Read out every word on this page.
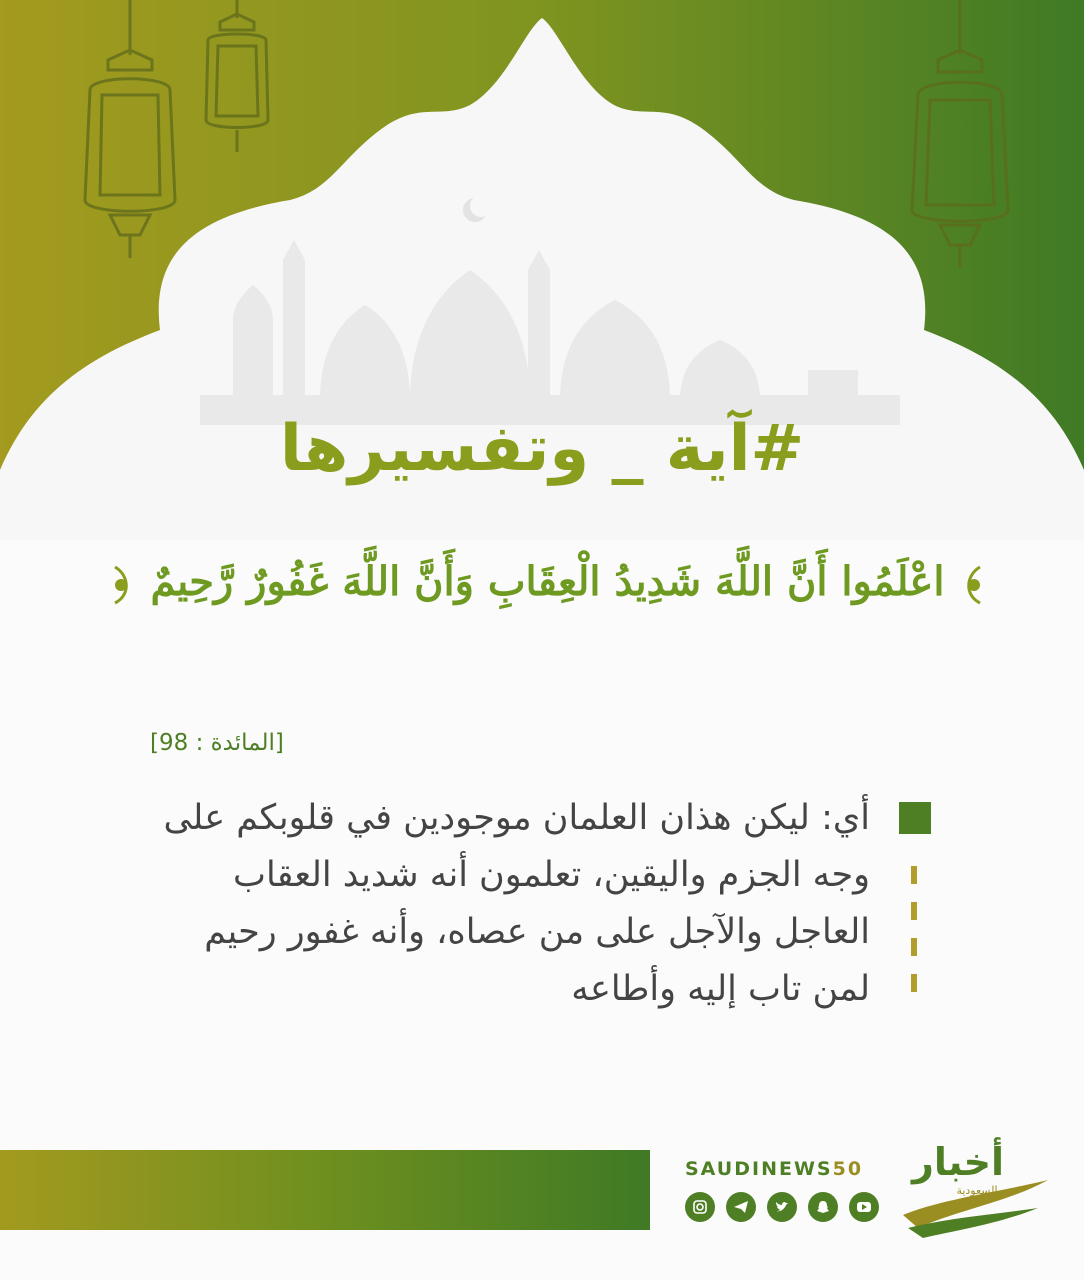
#آية _ وتفسيرها

اعْلَمُوا أَنَّ اللَّهَ شَدِيدُ الْعِقَابِ وَأَنَّ اللَّهَ غَفُورٌ رَّحِيمٌ

[المائدة : 98]

أي: ليكن هذان العلمان موجودين في قلوبكم على وجه الجزم واليقين، تعلمون أنه شديد العقاب العاجل والآجل على من عصاه، وأنه غفور رحيم لمن تاب إليه وأطاعه

SAUDINEWS50	أخبار

السعودية
